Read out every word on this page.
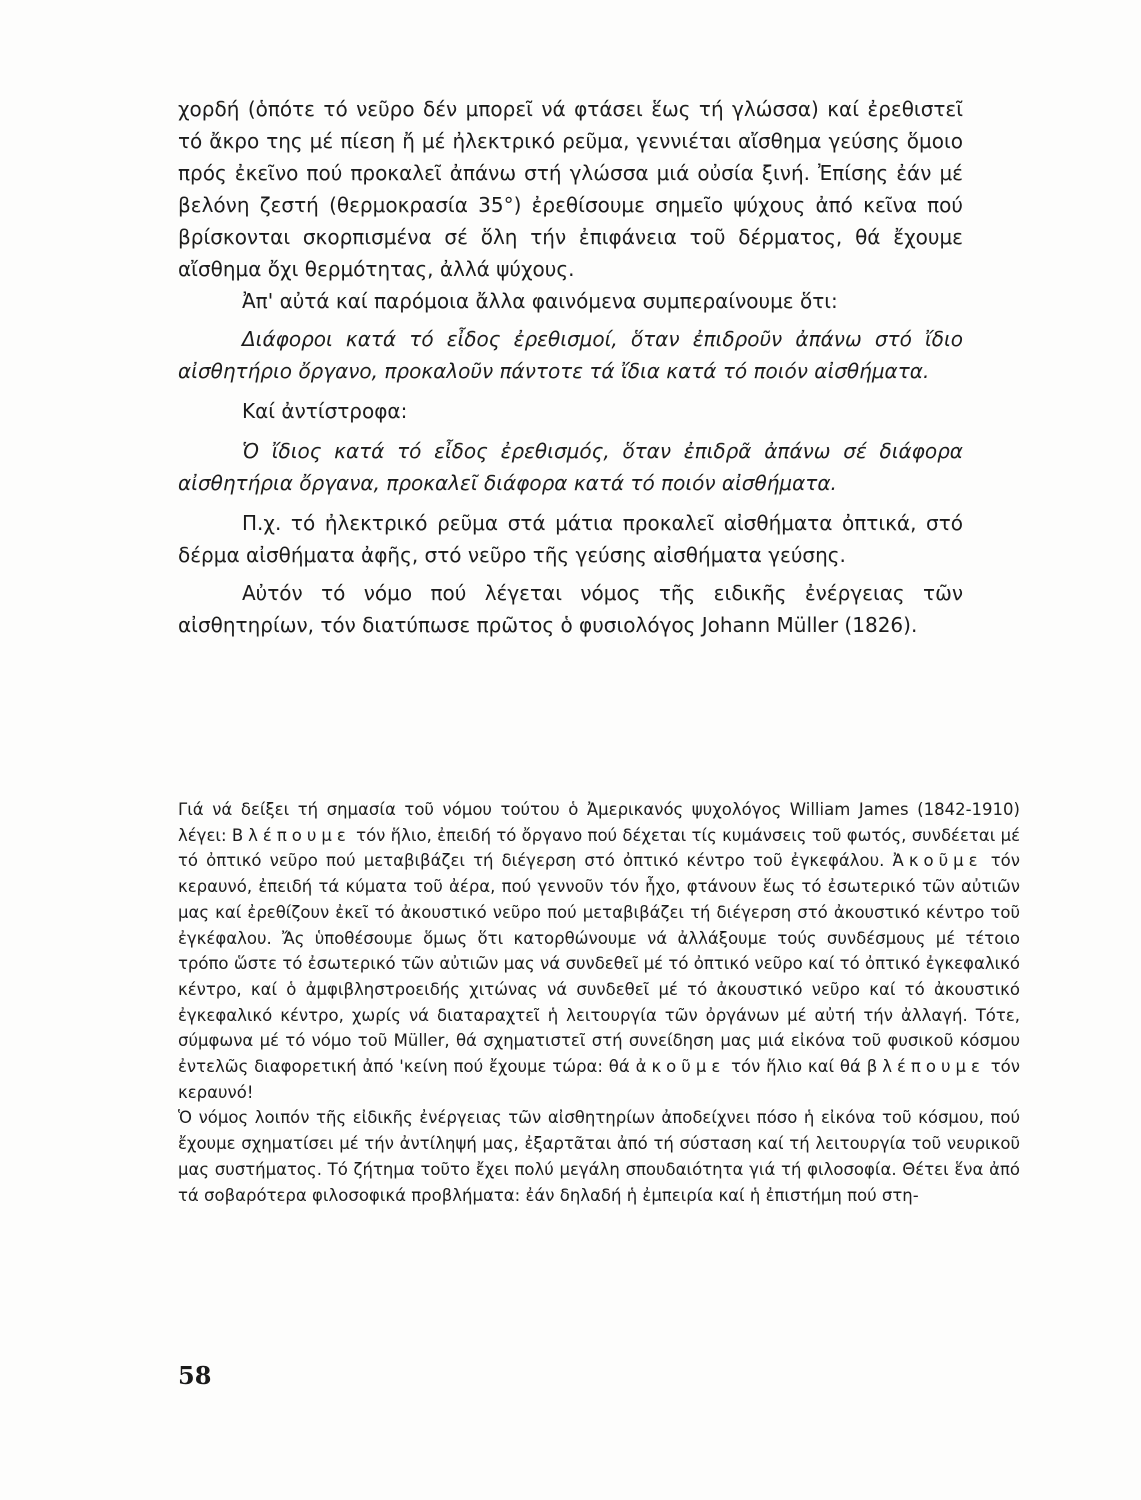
χορδή (ὁπότε τό νεῦρο δέν μπορεῖ νά φτάσει ἕως τή γλώσσα) καί ἐρεθιστεῖ τό ἄκρο της μέ πίεση ἤ μέ ἠλεκτρικό ρεῦμα, γεννιέται αἴσθημα γεύσης ὅμοιο πρός ἐκεῖνο πού προκαλεῖ ἀπάνω στή γλώσσα μιά οὐσία ξινή. Ἐπίσης ἐάν μέ βελόνη ζεστή (θερμοκρασία 35°) ἐρεθίσουμε σημεῖο ψύχους ἀπό κεῖνα πού βρίσκονται σκορπισμένα σέ ὅλη τήν ἐπιφάνεια τοῦ δέρματος, θά ἔχουμε αἴσθημα ὄχι θερμότητας, ἀλλά ψύχους.

Ἀπ' αὐτά καί παρόμοια ἄλλα φαινόμενα συμπεραίνουμε ὅτι:

Διάφοροι κατά τό εἶδος ἐρεθισμοί, ὅταν ἐπιδροῦν ἀπάνω στό ἴδιο αἰσθητήριο ὄργανο, προκαλοῦν πάντοτε τά ἴδια κατά τό ποιόν αἰσθήματα.

Καί ἀντίστροφα:

Ὁ ἴδιος κατά τό εἶδος ἐρεθισμός, ὅταν ἐπιδρᾶ ἀπάνω σέ διάφορα αἰσθητήρια ὄργανα, προκαλεῖ διάφορα κατά τό ποιόν αἰσθήματα.

Π.χ. τό ἠλεκτρικό ρεῦμα στά μάτια προκαλεῖ αἰσθήματα ὀπτικά, στό δέρμα αἰσθήματα ἀφῆς, στό νεῦρο τῆς γεύσης αἰσθήματα γεύσης.

Αὐτόν τό νόμο πού λέγεται νόμος τῆς ειδικῆς ἐνέργειας τῶν αἰσθητηρίων, τόν διατύπωσε πρῶτος ὁ φυσιολόγος Johann Müller (1826).

Γιά νά δείξει τή σημασία τοῦ νόμου τούτου ὁ Ἀμερικανός ψυχολόγος William James (1842-1910) λέγει: Βλέπουμε τόν ἥλιο, ἐπειδή τό ὄργανο πού δέχεται τίς κυμάνσεις τοῦ φωτός, συνδέεται μέ τό ὀπτικό νεῦρο πού μεταβιβάζει τή διέγερση στό ὀπτικό κέντρο τοῦ ἐγκεφάλου. Ἀκοῦμε τόν κεραυνό, ἐπειδή τά κύματα τοῦ ἀέρα, πού γεννοῦν τόν ἦχο, φτάνουν ἕως τό ἐσωτερικό τῶν αὐτιῶν μας καί ἐρεθίζουν ἐκεῖ τό ἀκουστικό νεῦρο πού μεταβιβάζει τή διέγερση στό ἀκουστικό κέντρο τοῦ ἐγκέφαλου. Ἄς ὑποθέσουμε ὅμως ὅτι κατορθώνουμε νά ἀλλάξουμε τούς συνδέσμους μέ τέτοιο τρόπο ὥστε τό ἐσωτερικό τῶν αὐτιῶν μας νά συνδεθεῖ μέ τό ὀπτικό νεῦρο καί τό ὀπτικό ἐγκεφαλικό κέντρο, καί ὁ ἀμφιβληστροειδής χιτώνας νά συνδεθεῖ μέ τό ἀκουστικό νεῦρο καί τό ἀκουστικό ἐγκεφαλικό κέντρο, χωρίς νά διαταραχτεῖ ἡ λειτουργία τῶν ὀργάνων μέ αὐτή τήν ἀλλαγή. Τότε, σύμφωνα μέ τό νόμο τοῦ Müller, θά σχηματιστεῖ στή συνείδηση μας μιά εἰκόνα τοῦ φυσικοῦ κόσμου ἐντελῶς διαφορετική ἀπό 'κείνη πού ἔχουμε τώρα: θά ἀκοῦμε τόν ἥλιο καί θά βλέπουμε τόν κεραυνό!

Ὁ νόμος λοιπόν τῆς εἰδικῆς ἐνέργειας τῶν αἰσθητηρίων ἀποδείχνει πόσο ἡ εἰκόνα τοῦ κόσμου, πού ἔχουμε σχηματίσει μέ τήν ἀντίληψή μας, ἐξαρτᾶται ἀπό τή σύσταση καί τή λειτουργία τοῦ νευρικοῦ μας συστήματος. Τό ζήτημα τοῦτο ἔχει πολύ μεγάλη σπουδαιότητα γιά τή φιλοσοφία. Θέτει ἕνα ἀπό τά σοβαρότερα φιλοσοφικά προβλήματα: ἐάν δηλαδή ἡ ἐμπειρία καί ἡ ἐπιστήμη πού στη-

58
